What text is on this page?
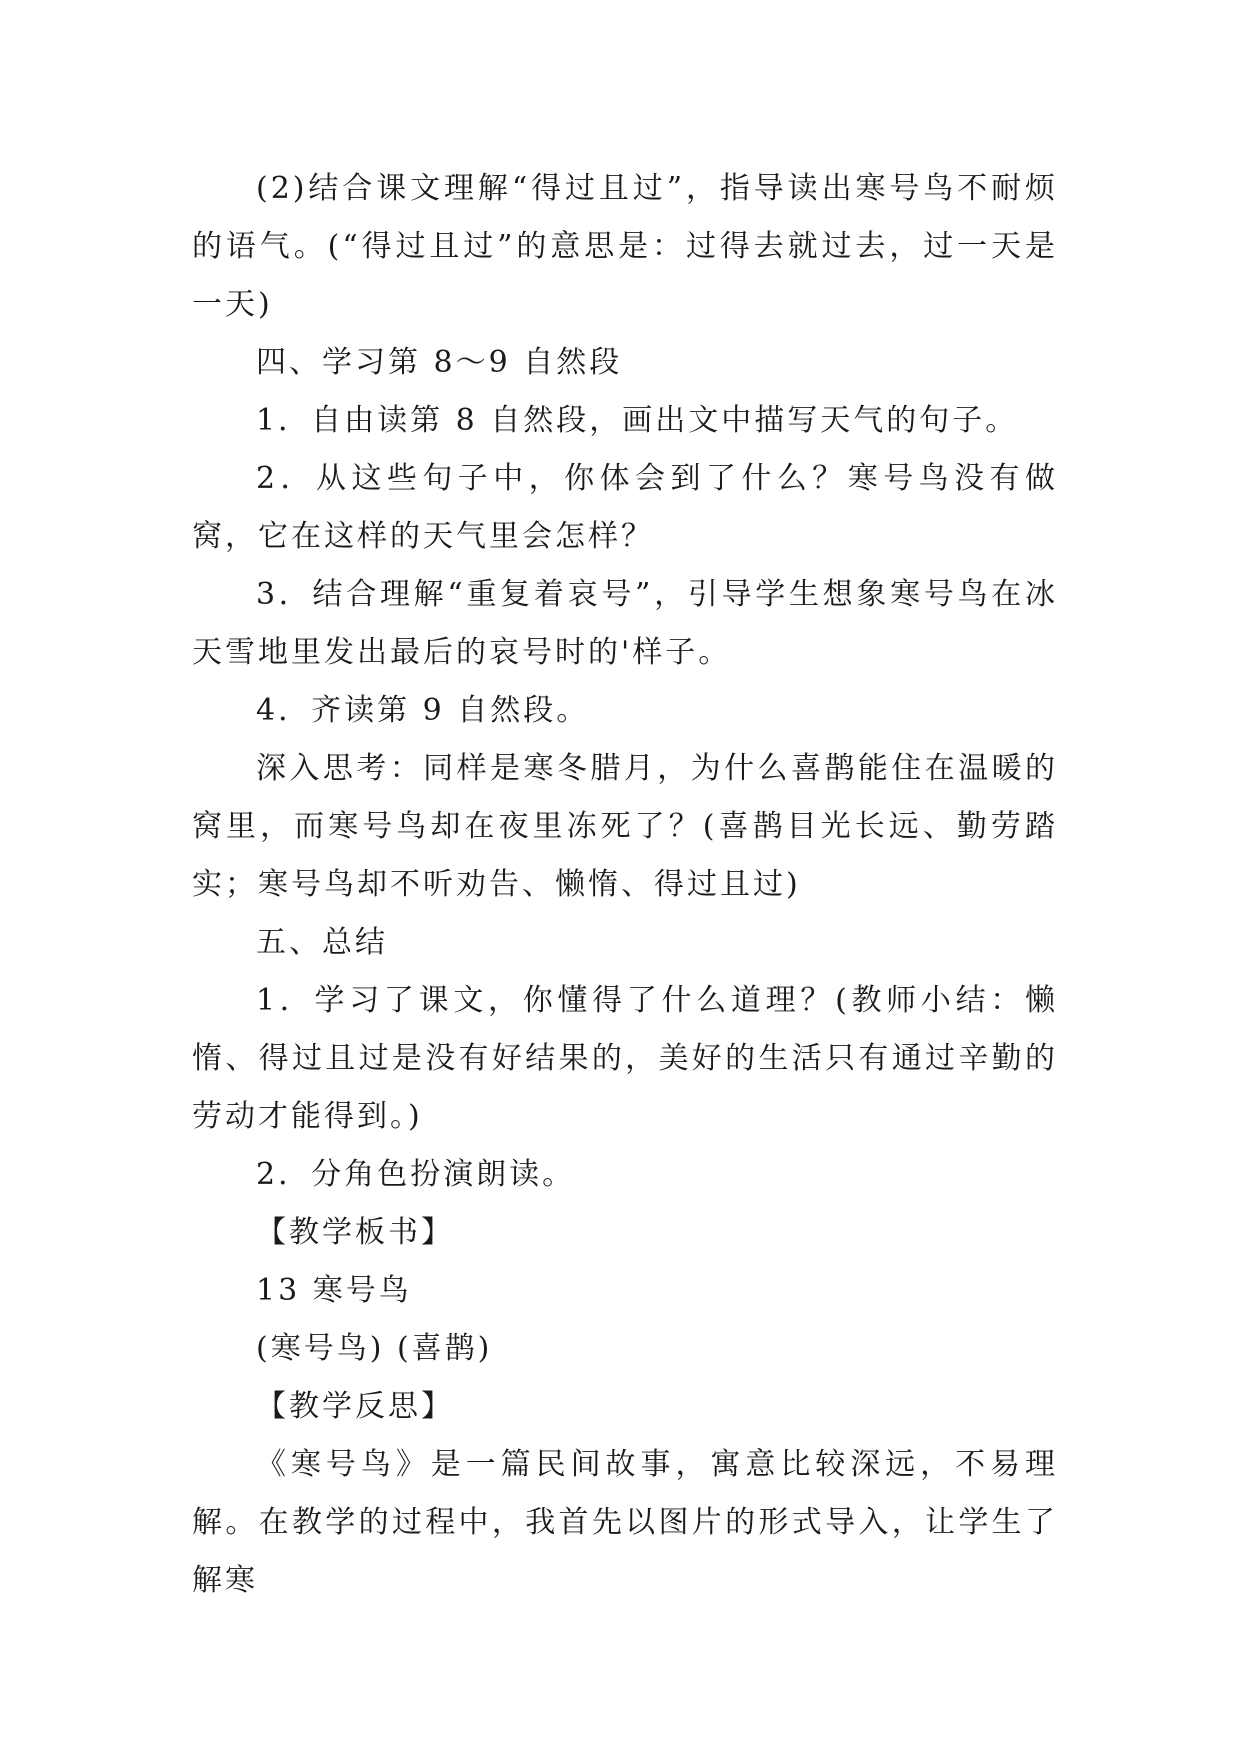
(2)结合课文理解“得过且过”，指导读出寒号鸟不耐烦的语气。(“得过且过”的意思是：过得去就过去，过一天是一天)

四、学习第 8～9 自然段

1．自由读第 8 自然段，画出文中描写天气的句子。

2．从这些句子中，你体会到了什么？寒号鸟没有做窝，它在这样的天气里会怎样？

3．结合理解“重复着哀号”，引导学生想象寒号鸟在冰天雪地里发出最后的哀号时的'样子。

4．齐读第 9 自然段。

深入思考：同样是寒冬腊月，为什么喜鹊能住在温暖的窝里，而寒号鸟却在夜里冻死了？(喜鹊目光长远、勤劳踏实；寒号鸟却不听劝告、懒惰、得过且过)

五、总结

1．学习了课文，你懂得了什么道理？(教师小结：懒惰、得过且过是没有好结果的，美好的生活只有通过辛勤的劳动才能得到。)

2．分角色扮演朗读。

【教学板书】

13 寒号鸟

(寒号鸟) (喜鹊)

【教学反思】

《寒号鸟》是一篇民间故事，寓意比较深远，不易理解。在教学的过程中，我首先以图片的形式导入，让学生了解寒
